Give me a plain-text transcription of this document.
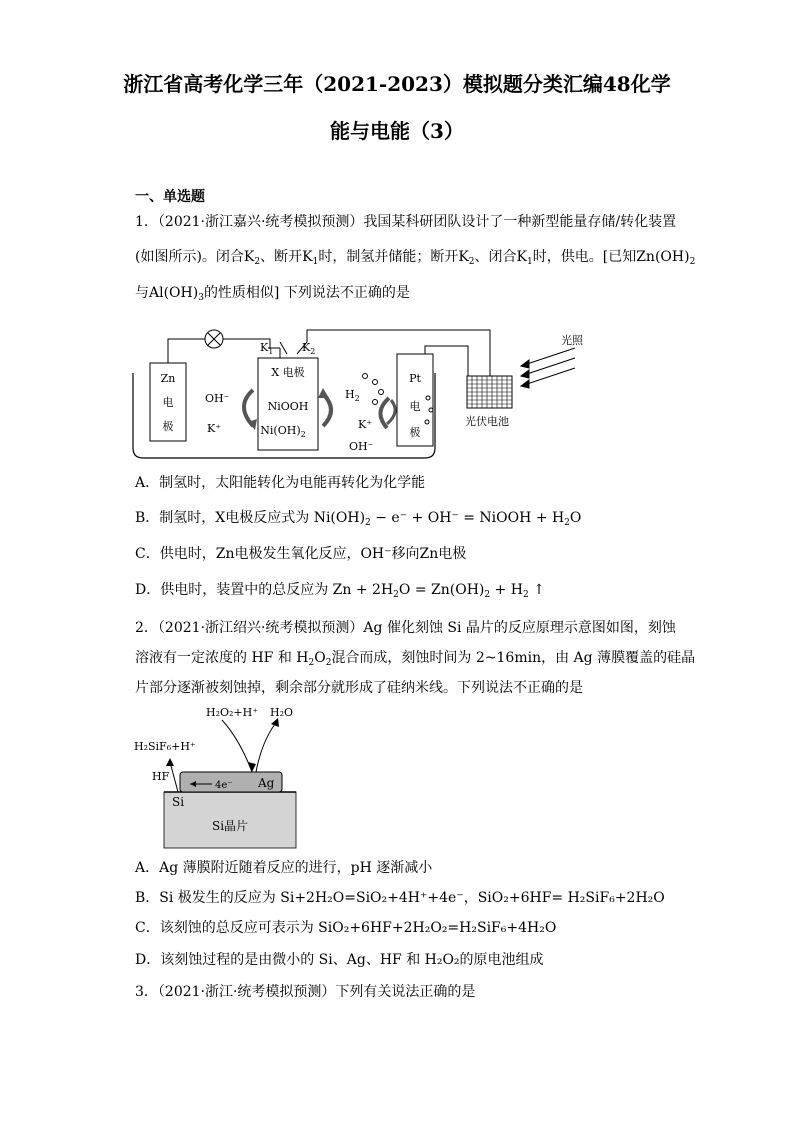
浙江省高考化学三年（2021-2023）模拟题分类汇编48化学
能与电能（3）
一、单选题
1．（2021·浙江嘉兴·统考模拟预测）我国某科研团队设计了一种新型能量存储/转化装置
(如图所示)。闭合$K_2$、断开$K_1$时，制氢并储能；断开$K_2$、闭合$K_1$时，供电。[已知$Zn(OH)_2$
与$Al(OH)_3$的性质相似] 下列说法不正确的是
$K_1$	$K_2$
Zn
电
极
OH⁻
K⁺
X 电极
NiOOH
$Ni(OH)_2$
$H_2$
K⁺
OH⁻
Pt
电
极
光伏电池
光照
A．制氢时，太阳能转化为电能再转化为化学能
B．制氢时，X电极反应式为 $Ni(OH)_2 - e^- + OH^-$ = NiOOH + $H_2O$
C．供电时，Zn电极发生氧化反应，OH⁻移向Zn电极
D．供电时，装置中的总反应为 $Zn + 2H_2O = Zn(OH)_2 + H_2$ ↑
2．（2021·浙江绍兴·统考模拟预测）Ag 催化刻蚀 Si 晶片的反应原理示意图如图，刻蚀
溶液有一定浓度的 HF 和 $H_2O_2$混合而成，刻蚀时间为 2~16min，由 Ag 薄膜覆盖的硅晶
片部分逐渐被刻蚀掉，剩余部分就形成了硅纳米线。下列说法不正确的是
Si晶片
Si
Ag
4e⁻
HF
H₂SiF₆+H⁺
H₂O₂+H⁺ H₂O
A．Ag 薄膜附近随着反应的进行，pH 逐渐减小
B．Si 极发生的反应为 Si+2H₂O=SiO₂+4H⁺+4e⁻，SiO₂+6HF= H₂SiF₆+2H₂O
C．该刻蚀的总反应可表示为 SiO₂+6HF+2H₂O₂=H₂SiF₆+4H₂O
D．该刻蚀过程的是由微小的 Si、Ag、HF 和 H₂O₂的原电池组成
3．（2021·浙江·统考模拟预测）下列有关说法正确的是
